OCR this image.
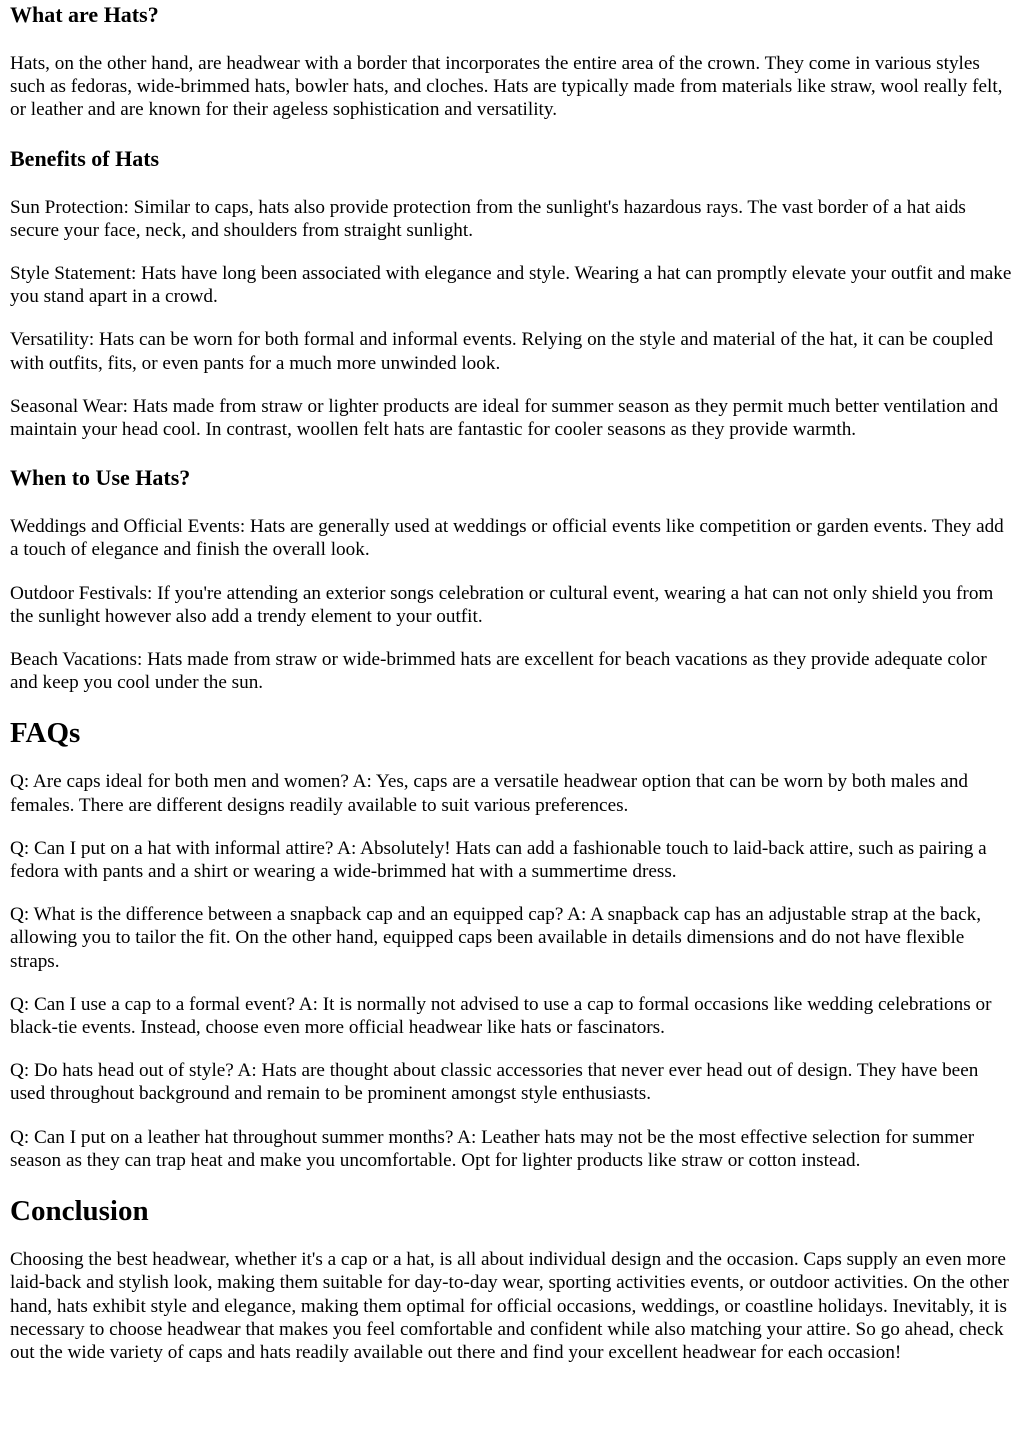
What are Hats?

Hats, on the other hand, are headwear with a border that incorporates the entire area of the crown. They come in various styles such as fedoras, wide-brimmed hats, bowler hats, and cloches. Hats are typically made from materials like straw, wool really felt, or leather and are known for their ageless sophistication and versatility.

Benefits of Hats

Sun Protection: Similar to caps, hats also provide protection from the sunlight's hazardous rays. The vast border of a hat aids secure your face, neck, and shoulders from straight sunlight.

Style Statement: Hats have long been associated with elegance and style. Wearing a hat can promptly elevate your outfit and make you stand apart in a crowd.

Versatility: Hats can be worn for both formal and informal events. Relying on the style and material of the hat, it can be coupled with outfits, fits, or even pants for a much more unwinded look.

Seasonal Wear: Hats made from straw or lighter products are ideal for summer season as they permit much better ventilation and maintain your head cool. In contrast, woollen felt hats are fantastic for cooler seasons as they provide warmth.

When to Use Hats?

Weddings and Official Events: Hats are generally used at weddings or official events like competition or garden events. They add a touch of elegance and finish the overall look.

Outdoor Festivals: If you're attending an exterior songs celebration or cultural event, wearing a hat can not only shield you from the sunlight however also add a trendy element to your outfit.

Beach Vacations: Hats made from straw or wide-brimmed hats are excellent for beach vacations as they provide adequate color and keep you cool under the sun.

FAQs

Q: Are caps ideal for both men and women? A: Yes, caps are a versatile headwear option that can be worn by both males and females. There are different designs readily available to suit various preferences.

Q: Can I put on a hat with informal attire? A: Absolutely! Hats can add a fashionable touch to laid-back attire, such as pairing a fedora with pants and a shirt or wearing a wide-brimmed hat with a summertime dress.

Q: What is the difference between a snapback cap and an equipped cap? A: A snapback cap has an adjustable strap at the back, allowing you to tailor the fit. On the other hand, equipped caps been available in details dimensions and do not have flexible straps.

Q: Can I use a cap to a formal event? A: It is normally not advised to use a cap to formal occasions like wedding celebrations or black-tie events. Instead, choose even more official headwear like hats or fascinators.

Q: Do hats head out of style? A: Hats are thought about classic accessories that never ever head out of design. They have been used throughout background and remain to be prominent amongst style enthusiasts.

Q: Can I put on a leather hat throughout summer months? A: Leather hats may not be the most effective selection for summer season as they can trap heat and make you uncomfortable. Opt for lighter products like straw or cotton instead.

Conclusion

Choosing the best headwear, whether it's a cap or a hat, is all about individual design and the occasion. Caps supply an even more laid-back and stylish look, making them suitable for day-to-day wear, sporting activities events, or outdoor activities. On the other hand, hats exhibit style and elegance, making them optimal for official occasions, weddings, or coastline holidays. Inevitably, it is necessary to choose headwear that makes you feel comfortable and confident while also matching your attire. So go ahead, check out the wide variety of caps and hats readily available out there and find your excellent headwear for each occasion!
